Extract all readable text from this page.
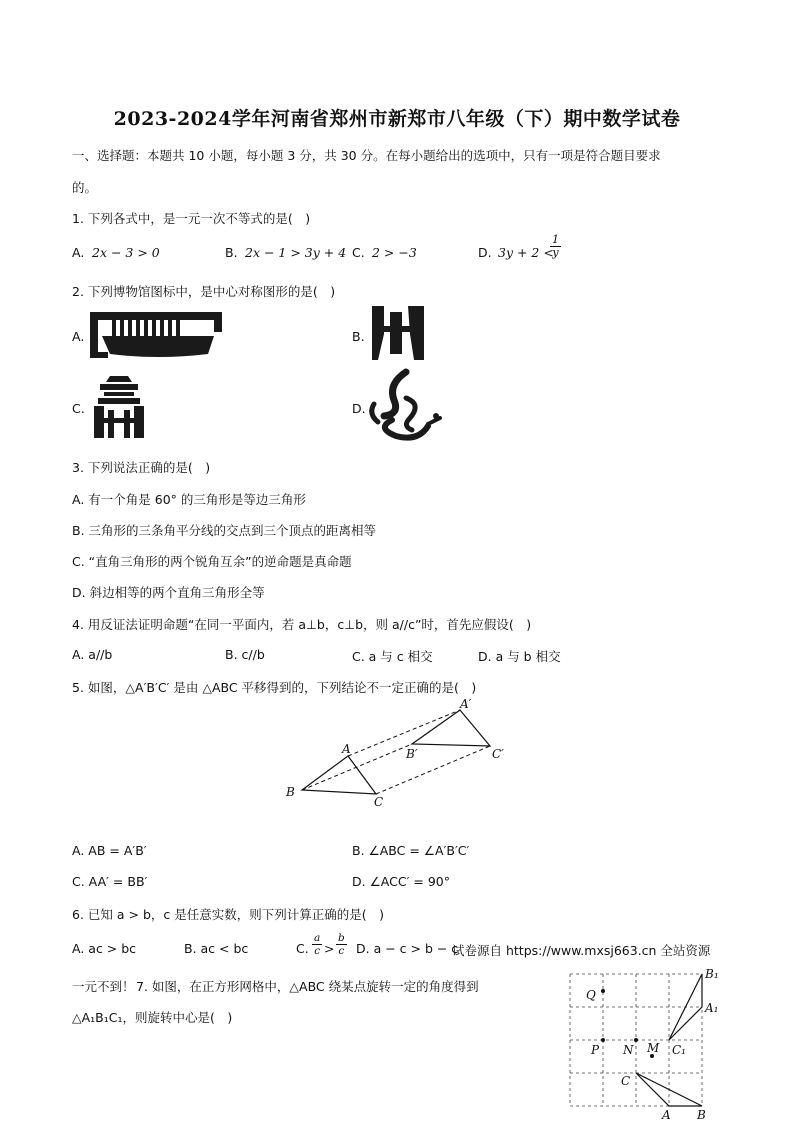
2023-2024学年河南省郑州市新郑市八年级（下）期中数学试卷
一、选择题：本题共 10 小题，每小题 3 分，共 30 分。在每小题给出的选项中，只有一项是符合题目要求
的。
1. 下列各式中，是一元一次不等式的是(　)
A. 2x − 3 > 0	B. 2x − 1 > 3y + 4 C. 2 > −3	D. 3y + 2 <
$\frac{1}{y}$
2. 下列博物馆图标中，是中心对称图形的是(　)
A.	B.
C.	D.
3. 下列说法正确的是(　)
A. 有一个角是 60° 的三角形是等边三角形
B. 三角形的三条角平分线的交点到三个顶点的距离相等
C. “直角三角形的两个锐角互余”的逆命题是真命题
D. 斜边相等的两个直角三角形全等
4. 用反证法证明命题“在同一平面内，若 a⊥b，c⊥b，则 a//c”时，首先应假设(　)
A. a//b	B. c//b	C. a 与 c 相交	D. a 与 b 相交
5. 如图，△A′B′C′ 是由 △ABC 平移得到的，下列结论不一定正确的是(　)
A′
A	B′	C′
B
C
A. AB = A′B′	B. ∠ABC = ∠A′B′C′
C. AA′ = BB′	D. ∠ACC′ = 90°
6. 已知 a > b，c 是任意实数，则下列计算正确的是(　)
A. ac > bc	B. ac < bc	C. $\frac{a}{c} > \frac{b}{c} D$. a − c > b − c
试卷源自 https://www.mxsj663.cn 全站资源
一元不到！ 7. 如图，在正方形网格中，△ABC 绕某点旋转一定的角度得到
△A₁B₁C₁，则旋转中心是(　)
B₁
Q
A₁
P N M C₁
C
A B
